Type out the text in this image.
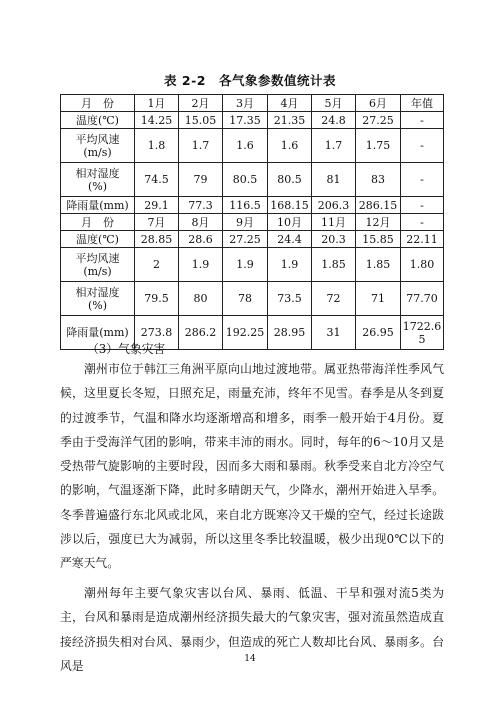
表 2-2　各气象参数值统计表
月　份	1月	2月	3月	4月	5月	6月	年值
温度(℃)	14.25	15.05	17.35	21.35	24.8	27.25	-
平均风速
(m/s)	1.8	1.7	1.6	1.6	1.7	1.75	-
相对湿度
(%)	74.5	79	80.5	80.5	81	83	-
降雨量(mm)	29.1	77.3	116.5	168.15	206.3	286.15	-
月　份	7月	8月	9月	10月	11月	12月	-
温度(℃)	28.85	28.6	27.25	24.4	20.3	15.85	22.11
平均风速
(m/s)	2	1.9	1.9	1.9	1.85	1.85	1.80
相对湿度
(%)	79.5	80	78	73.5	72	71	77.70
降雨量(mm)	273.8	286.2	192.25	28.95	31	26.95	1722.6
5
（3）气象灾害
潮州市位于韩江三角洲平原向山地过渡地带。属亚热带海洋性季风气候，这里夏长冬短，日照充足，雨量充沛，终年不见雪。春季是从冬到夏的过渡季节，气温和降水均逐渐增高和增多，雨季一般开始于4月份。夏季由于受海洋气团的影响，带来丰沛的雨水。同时，每年的6～10月又是受热带气旋影响的主要时段，因而多大雨和暴雨。秋季受来自北方冷空气的影响，气温逐渐下降，此时多晴朗天气，少降水，潮州开始进入旱季。冬季普遍盛行东北风或北风，来自北方既寒冷又干燥的空气，经过长途跋涉以后，强度已大为减弱，所以这里冬季比较温暖，极少出现0℃以下的严寒天气。
潮州每年主要气象灾害以台风、暴雨、低温、干旱和强对流5类为主，台风和暴雨是造成潮州经济损失最大的气象灾害，强对流虽然造成直接经济损失相对台风、暴雨少，但造成的死亡人数却比台风、暴雨多。台风是	14
